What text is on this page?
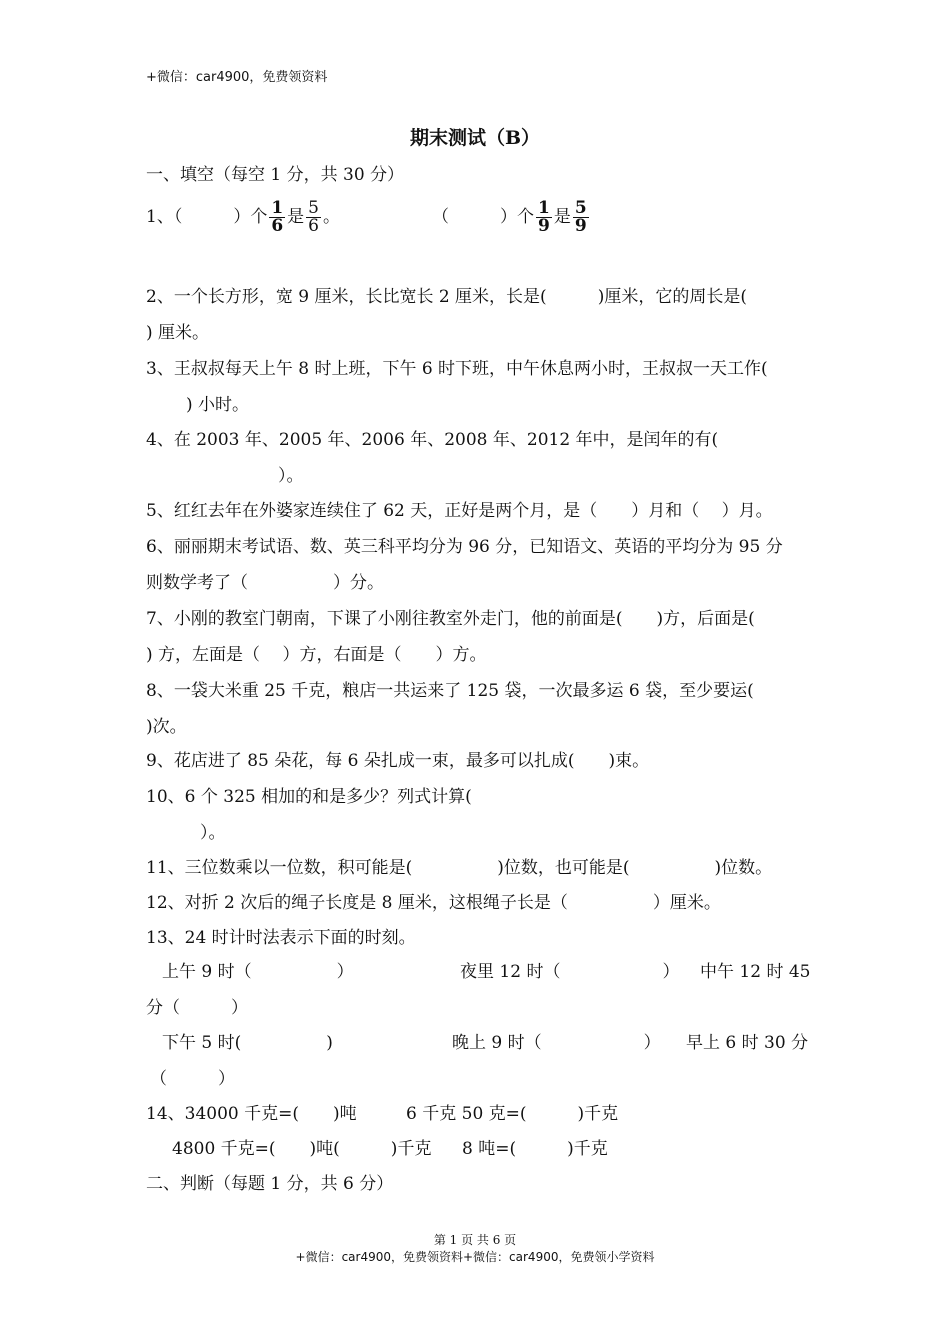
+微信：car4900，免费领资料
期末测试（B）
一、填空（每空 1 分，共 30 分）
1、（　　　）个 $\frac{1}{6}$ 是 $\frac{5}{6}$ 。	（　　　）个 $\frac{1}{9}$ 是 $\frac{5}{9}$
2、一个长方形，宽 9 厘米，长比宽长 2 厘米，长是(　　　)厘米，它的周长是(
) 厘米。
3、王叔叔每天上午 8 时上班，下午 6 时下班，中午休息两小时，王叔叔一天工作(
) 小时。
4、在 2003 年、2005 年、2006 年、2008 年、2012 年中，是闰年的有(
）。
5、红红去年在外婆家连续住了 62 天，正好是两个月，是（　　）月和（　 ）月。
6、丽丽期末考试语、数、英三科平均分为 96 分，已知语文、英语的平均分为 95 分
则数学考了（　　　　　）分。
7、小刚的教室门朝南，下课了小刚往教室外走门，他的前面是(　　)方，后面是(
) 方，左面是（　 ）方，右面是（　　）方。
8、一袋大米重 25 千克，粮店一共运来了 125 袋，一次最多运 6 袋，至少要运(
)次。
9、花店进了 85 朵花，每 6 朵扎成一束，最多可以扎成(　　)束。
10、6 个 325 相加的和是多少？列式计算(
）。
11、三位数乘以一位数，积可能是(　　　　　)位数，也可能是(　　　　　)位数。
12、对折 2 次后的绳子长度是 8 厘米，这根绳子长是（　　　　　）厘米。
13、24 时计时法表示下面的时刻。
上午 9 时（　　　　　）	夜里 12 时（　　　　　　） 中午 12 时 45
分（　　　）
下午 5 时(　　　　　)	晚上 9 时（　　　　　　） 早上 6 时 30 分
（　　　）
14、34000 千克=(　　)吨	6 千克 50 克=(　　　)千克
4800 千克=(　　)吨(　　　)千克 8 吨=(　　　)千克
二、判断（每题 1 分，共 6 分）
第 1 页 共 6 页
+微信：car4900，免费领资料+微信：car4900，免费领小学资料
